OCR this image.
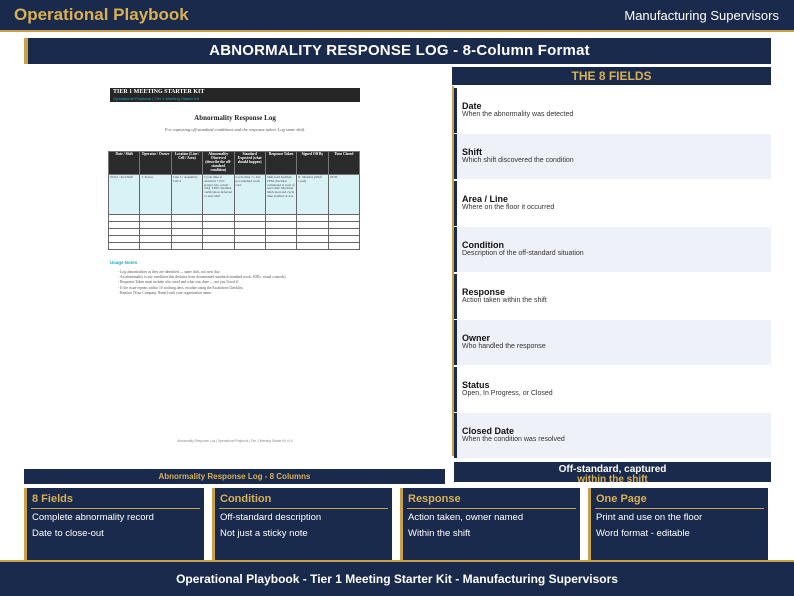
Operational Playbook	Manufacturing Supervisors
ABNORMALITY RESPONSE LOG - 8-Column Format
TIER 1 MEETING STARTER KIT
Operational Playbook | Tier 1 Meeting Starter Kit
Abnormality Response Log
For capturing off-standard conditions and the response taken. Log same shift.
Date / Shift	Operator / Owner	Location (Line / Cell / Area)	Abnormality Observed (describe the off-standard condition)	Standard Expected (what should happen)	Response Taken	Signed Off By	Time Closed
03-02 / 2nd Shift	J. Torres	Line 3 / Assembly Cell 4	Cycle time at standard +15% (target 42s, actual 50s). TPM checklist verification deferred to next shift	Cycle time <= 42s per standard work card	Shift lead notified. TPM checklist completed at start of next shift. Machine lubricated and cycle time verified at 41s.	R. Mendez (Shift Lead)	18:30

Usage Notes
- Log abnormalities as they are identified — same shift, not next day.
- An abnormality is any condition that deviates from documented standard (standard work, SOPs, visual controls).
- Response Taken must include who acted and what was done — not just 'fixed it'.
- If the issue repeats within 10 working days, escalate using the Escalation Checklist.
- Replace [Your Company Name] with your organization name.
Abnormality Response Log | Operational Playbook | Tier 1 Meeting Starter Kit v1.0
Abnormality Response Log - 8 Columns
THE 8 FIELDS
Date
When the abnormality was detected
Shift
Which shift discovered the condition
Area / Line
Where on the floor it occurred
Condition
Description of the off-standard situation
Response
Action taken within the shift
Owner
Who handled the response
Status
Open, In Progress, or Closed
Closed Date
When the condition was resolved
Off-standard, captured
within the shift
8 Fields
Complete abnormality record
Date to close-out
Condition
Off-standard description
Not just a sticky note
Response
Action taken, owner named
Within the shift
One Page
Print and use on the floor
Word format - editable
Operational Playbook - Tier 1 Meeting Starter Kit - Manufacturing Supervisors
